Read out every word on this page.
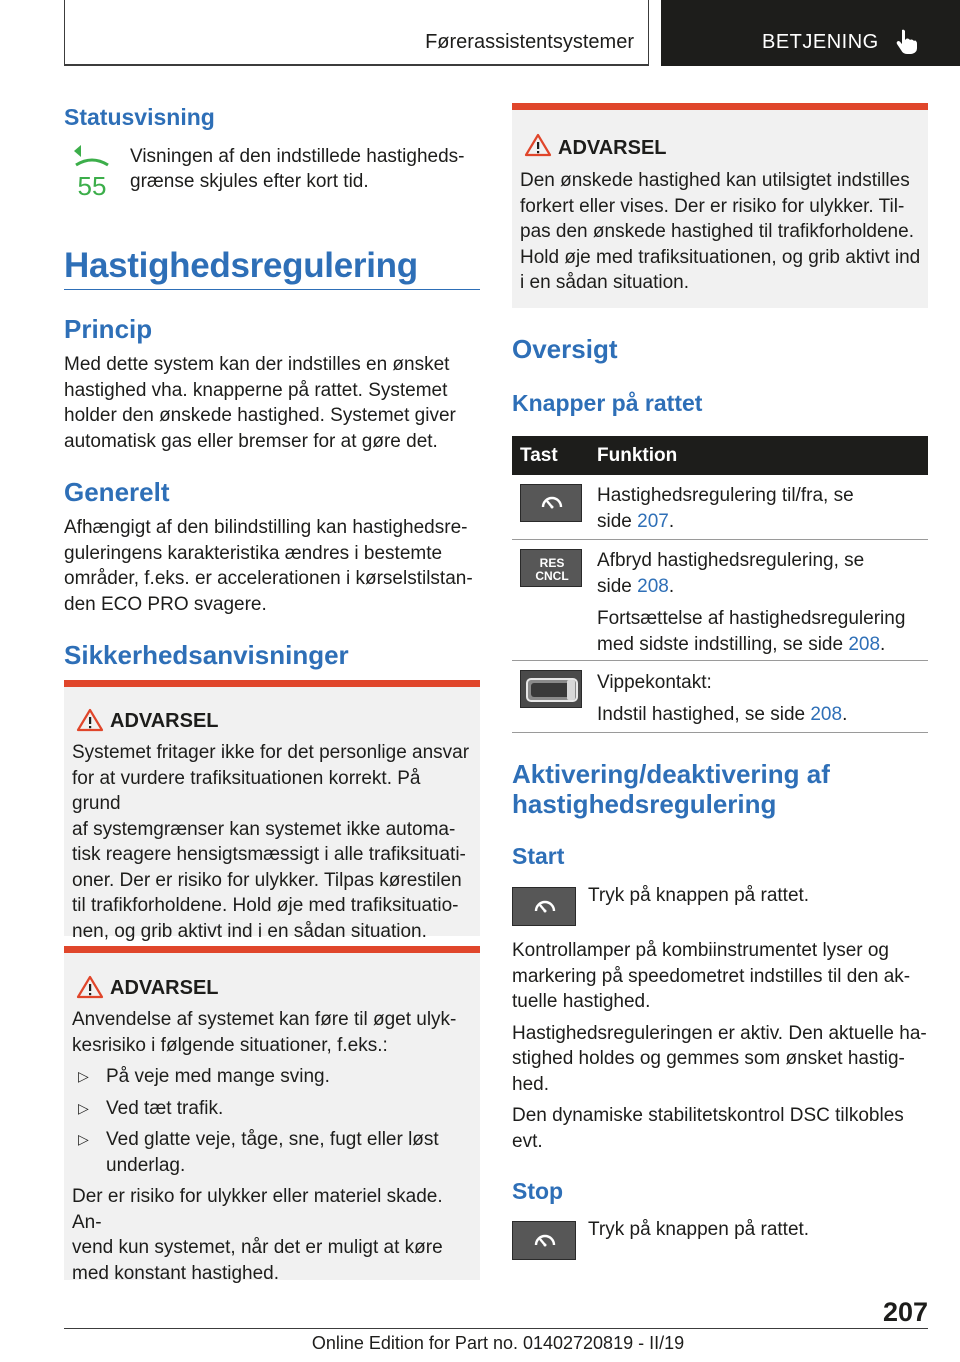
Førerassistentsystemer	BETJENING
Statusvisning
55
Visningen af den indstillede hastigheds-
grænse skjules efter kort tid.
Hastighedsregulering
Princip
Med dette system kan der indstilles en ønsket
hastighed vha. knapperne på rattet. Systemet
holder den ønskede hastighed. Systemet giver
automatisk gas eller bremser for at gøre det.
Generelt
Afhængigt af den bilindstilling kan hastighedsre-
guleringens karakteristika ændres i bestemte
områder, f.eks. er accelerationen i kørselstilstan-
den ECO PRO svagere.
Sikkerhedsanvisninger
ADVARSEL
Systemet fritager ikke for det personlige ansvar
for at vurdere trafiksituationen korrekt. På grund
af systemgrænser kan systemet ikke automa-
tisk reagere hensigtsmæssigt i alle trafiksituati-
oner. Der er risiko for ulykker. Tilpas kørestilen
til trafikforholdene. Hold øje med trafiksituatio-
nen, og grib aktivt ind i en sådan situation.
ADVARSEL
Anvendelse af systemet kan føre til øget ulyk-
kesrisiko i følgende situationer, f.eks.:
▷ På veje med mange sving.
▷ Ved tæt trafik.
▷ Ved glatte veje, tåge, sne, fugt eller løst
underlag.
Der er risiko for ulykker eller materiel skade. An-
vend kun systemet, når det er muligt at køre
med konstant hastighed.
ADVARSEL
Den ønskede hastighed kan utilsigtet indstilles
forkert eller vises. Der er risiko for ulykker. Til-
pas den ønskede hastighed til trafikforholdene.
Hold øje med trafiksituationen, og grib aktivt ind
i en sådan situation.
Oversigt
Knapper på rattet
Tast Funktion
Hastighedsregulering til/fra, se
side 207.
RES
CNCL
Afbryd hastighedsregulering, se
side 208.
Fortsættelse af hastighedsregulering
med sidste indstilling, se side 208.
Vippekontakt:
Indstil hastighed, se side 208.
Aktivering/deaktivering af
hastighedsregulering
Start
Tryk på knappen på rattet.
Kontrollamper på kombiinstrumentet lyser og
markering på speedometret indstilles til den ak-
tuelle hastighed.
Hastighedsreguleringen er aktiv. Den aktuelle ha-
stighed holdes og gemmes som ønsket hastig-
hed.
Den dynamiske stabilitetskontrol DSC tilkobles
evt.
Stop
Tryk på knappen på rattet.
207
Online Edition for Part no. 01402720819 - II/19
